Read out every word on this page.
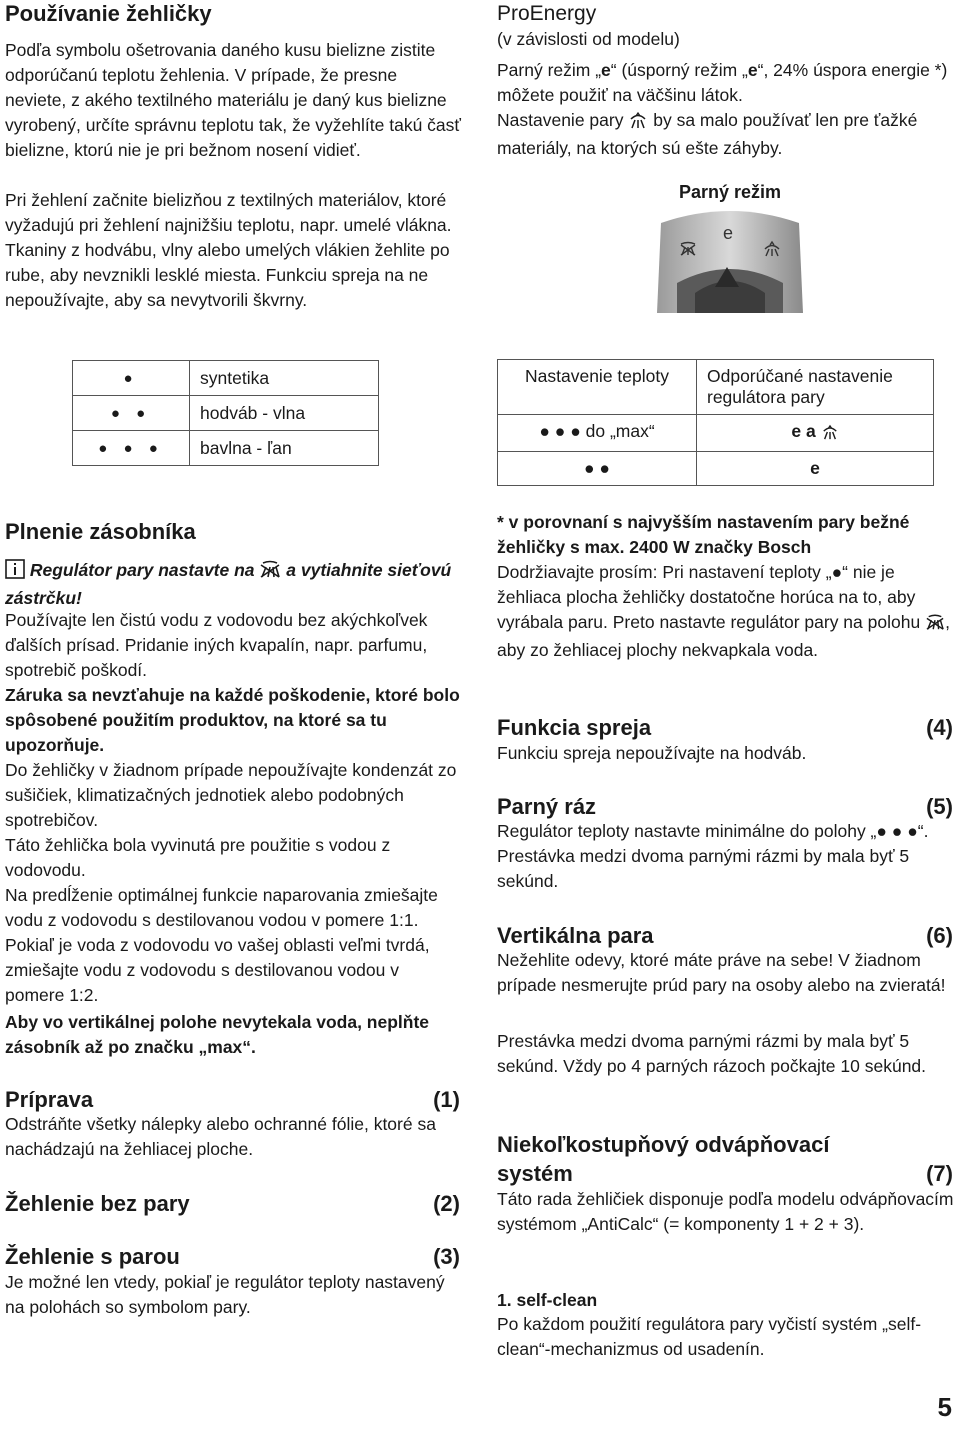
Používanie žehličky

Podľa symbolu ošetrovania daného kusu bielizne zistite odporúčanú teplotu žehlenia. V prípade, že presne neviete, z akého textilného materiálu je daný kus bielizne vyrobený, určíte správnu teplotu tak, že vyžehlíte takú časť bielizne, ktorú nie je pri bežnom nosení vidieť.

Pri žehlení začnite bielizňou z textilných materiálov, ktoré vyžadujú pri žehlení najnižšiu teplotu, napr. umelé vlákna. Tkaniny z hodvábu, vlny alebo umelých vlákien žehlite po rube, aby nevznikli lesklé miesta. Funkciu spreja na ne nepoužívajte, aby sa nevytvorili škvrny.

●	syntetika
● ●	hodváb - vlna
● ● ●	bavlna - ľan
Plnenie zásobníka

Regulátor pary nastavte na a vytiahnite sieťovú zástrčku!

Používajte len čistú vodu z vodovodu bez akýchkoľvek ďalších prísad. Pridanie iných kvapalín, napr. parfumu, spotrebič poškodí.

Záruka sa nevzťahuje na každé poškodenie, ktoré bolo spôsobené použitím produktov, na ktoré sa tu upozorňuje.

Do žehličky v žiadnom prípade nepoužívajte kondenzát zo sušičiek, klimatizačných jednotiek alebo podobných spotrebičov.

Táto žehlička bola vyvinutá pre použitie s vodou z vodovodu.

Na predĺženie optimálnej funkcie naparovania zmiešajte vodu z vodovodu s destilovanou vodou v pomere 1:1. Pokiaľ je voda z vodovodu vo vašej oblasti veľmi tvrdá, zmiešajte vodu z vodovodu s destilovanou vodou v pomere 1:2.

Aby vo vertikálnej polohe nevytekala voda, neplňte zásobník až po značku „max“.

Príprava	(1)

Odstráňte všetky nálepky alebo ochranné fólie, ktoré sa nachádzajú na žehliacej ploche.

Žehlenie bez pary	(2)
Žehlenie s parou	(3)

Je možné len vtedy, pokiaľ je regulátor teploty nastavený na polohách so symbolom pary.

ProEnergy

(v závislosti od modelu)

Parný režim „e“ (úsporný režim „e“, 24% úspora energie *) môžete použiť na väčšinu látok.

Nastavenie pary by sa malo používať len pre ťažké materiály, na ktorých sú ešte záhyby.

Parný režim
e
Nastavenie teploty	Odporúčané nastavenie regulátora pary
● ● ● do „max“	e a
● ●	e

* v porovnaní s najvyšším nastavením pary bežné žehličky s max. 2400 W značky Bosch

Dodržiavajte prosím: Pri nastavení teploty „●“ nie je žehliaca plocha žehličky dostatočne horúca na to, aby vyrábala paru. Preto nastavte regulátor pary na polohu , aby zo žehliacej plochy nekvapkala voda.

Funkcia spreja	(4)

Funkciu spreja nepoužívajte na hodváb.

Parný ráz	(5)

Regulátor teploty nastavte minimálne do polohy „● ● ●“. Prestávka medzi dvoma parnými rázmi by mala byť 5 sekúnd.

Vertikálna para	(6)

Nežehlite odevy, ktoré máte práve na sebe! V žiadnom prípade nesmerujte prúd pary na osoby alebo na zvieratá!

Prestávka medzi dvoma parnými rázmi by mala byť 5 sekúnd. Vždy po 4 parných rázoch počkajte 10 sekúnd.

Niekoľkostupňový odvápňovací
systém	(7)

Táto rada žehličiek disponuje podľa modelu odvápňovacím systémom „AntiCalc“ (= komponenty 1 + 2 + 3).

1. self-clean

Po každom použití regulátora pary vyčistí systém „self-clean“-mechanizmus od usadenín.

5
